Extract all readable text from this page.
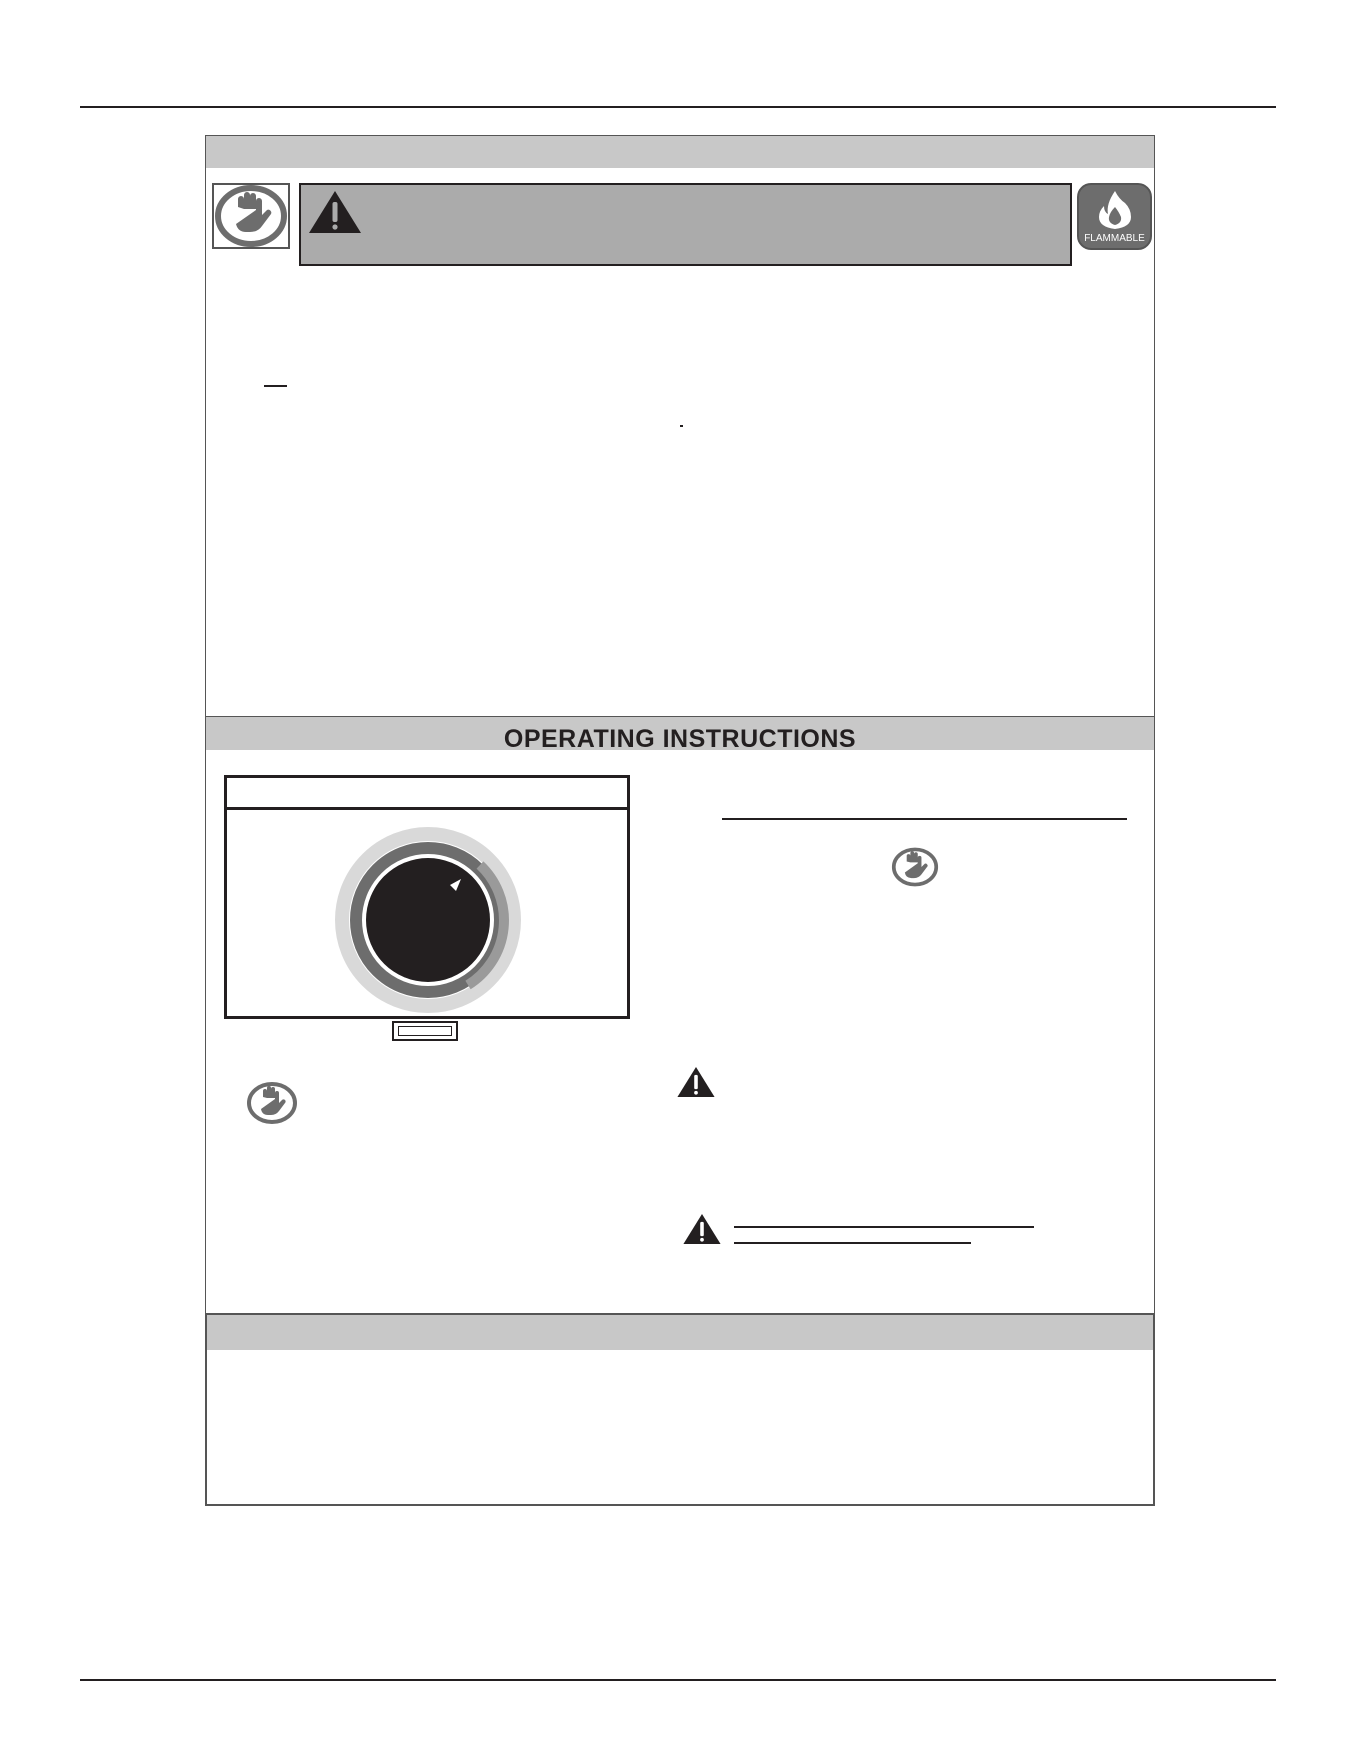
FLAMMABLE
OPERATING INSTRUCTIONS
